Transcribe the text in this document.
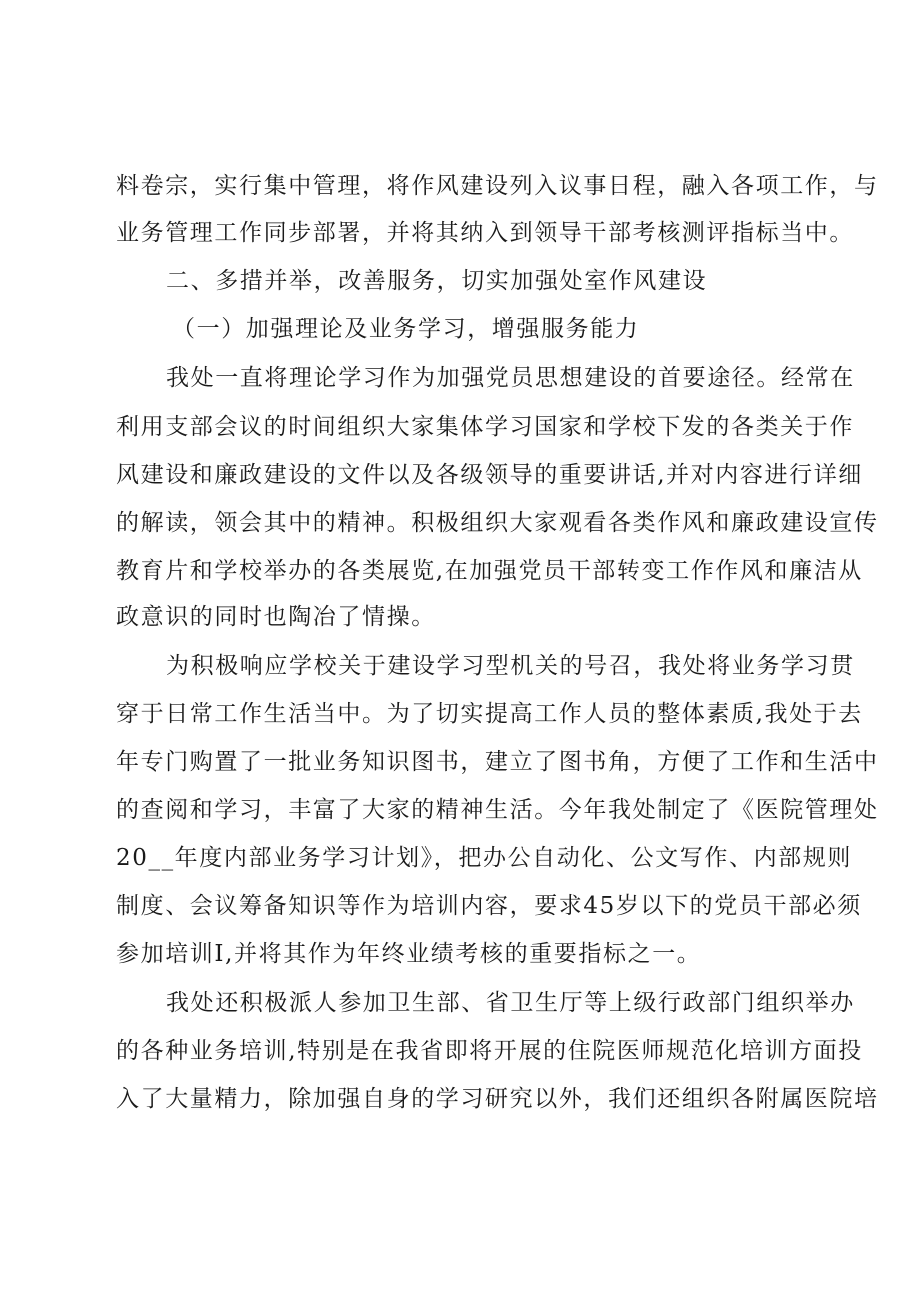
料卷宗，实行集中管理，将作风建设列入议事日程，融入各项工作，与
业务管理工作同步部署，并将其纳入到领导干部考核测评指标当中。
二、多措并举，改善服务，切实加强处室作风建设
（一）加强理论及业务学习，增强服务能力
我处一直将理论学习作为加强党员思想建设的首要途径。经常在
利用支部会议的时间组织大家集体学习国家和学校下发的各类关于作
风建设和廉政建设的文件以及各级领导的重要讲话,并对内容进行详细
的解读，领会其中的精神。积极组织大家观看各类作风和廉政建设宣传
教育片和学校举办的各类展览,在加强党员干部转变工作作风和廉洁从
政意识的同时也陶冶了情操。
为积极响应学校关于建设学习型机关的号召，我处将业务学习贯
穿于日常工作生活当中。为了切实提高工作人员的整体素质,我处于去
年专门购置了一批业务知识图书，建立了图书角，方便了工作和生活中
的查阅和学习，丰富了大家的精神生活。今年我处制定了《医院管理处
20__年度内部业务学习计划》，把办公自动化、公文写作、内部规则
制度、会议筹备知识等作为培训内容，要求45岁以下的党员干部必须
参加培训I,并将其作为年终业绩考核的重要指标之一。
我处还积极派人参加卫生部、省卫生厅等上级行政部门组织举办
的各种业务培训,特别是在我省即将开展的住院医师规范化培训方面投
入了大量精力，除加强自身的学习研究以外，我们还组织各附属医院培
